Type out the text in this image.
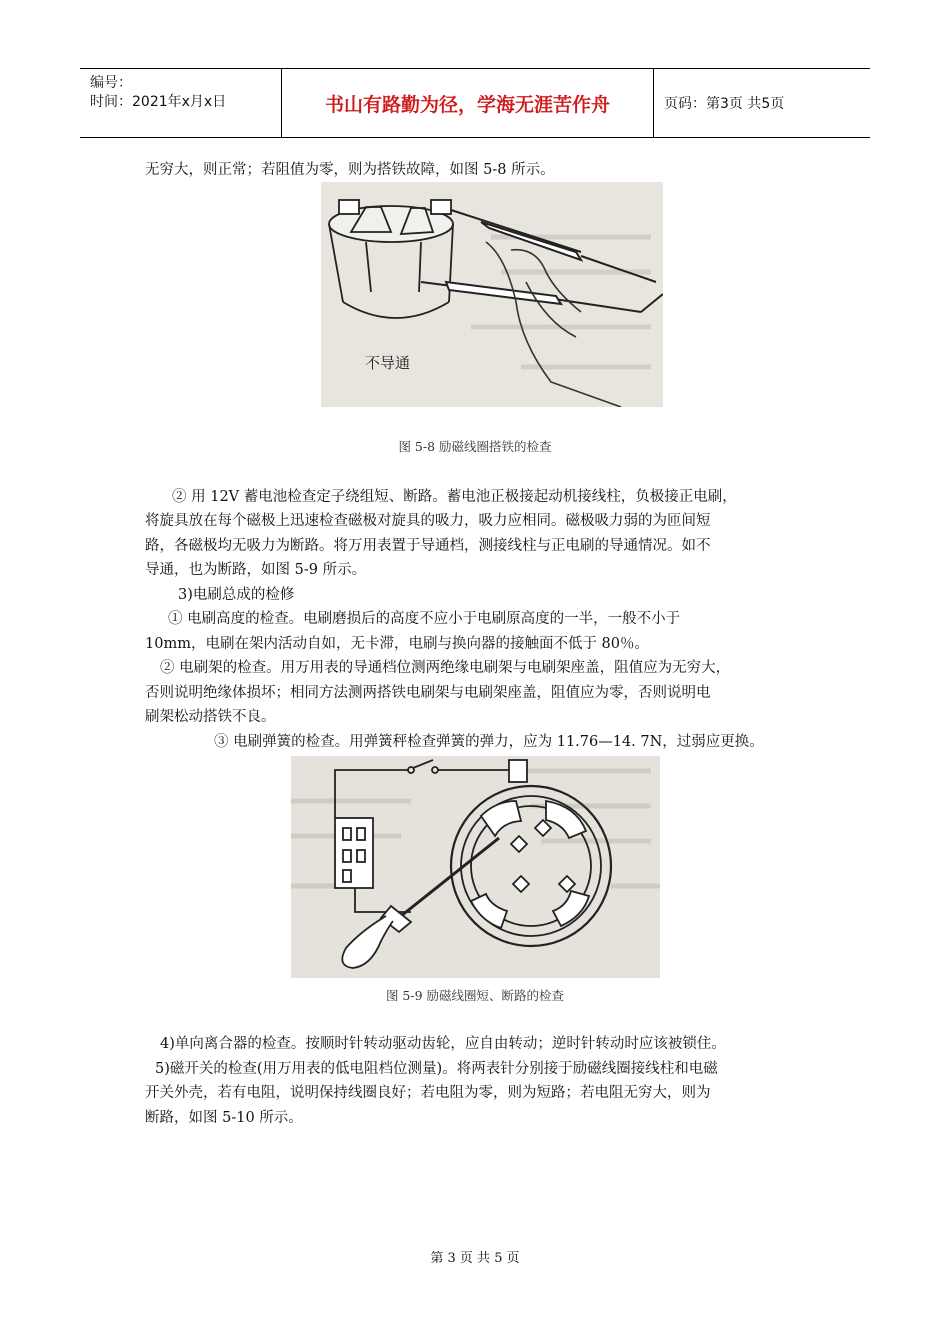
编号：
时间：2021年x月x日	书山有路勤为径，学海无涯苦作舟	页码：第3页 共5页
无穷大，则正常；若阻值为零，则为搭铁故障，如图 5-8 所示。
不导通
图 5-8 励磁线圈搭铁的检查
② 用 12V 蓄电池检查定子绕组短、断路。蓄电池正极接起动机接线柱，负极接正电刷，
将旋具放在每个磁极上迅速检查磁极对旋具的吸力，吸力应相同。磁极吸力弱的为匝间短
路，各磁极均无吸力为断路。将万用表置于导通档，测接线柱与正电刷的导通情况。如不
导通，也为断路，如图 5-9 所示。
3)电刷总成的检修
① 电刷高度的检查。电刷磨损后的高度不应小于电刷原高度的一半，一般不小于
10mm，电刷在架内活动自如，无卡滞，电刷与换向器的接触面不低于 80％。
② 电刷架的检查。用万用表的导通档位测两绝缘电刷架与电刷架座盖，阻值应为无穷大，
否则说明绝缘体损坏；相同方法测两搭铁电刷架与电刷架座盖，阻值应为零，否则说明电
刷架松动搭铁不良。
③ 电刷弹簧的检查。用弹簧秤检查弹簧的弹力，应为 11.76—14. 7N，过弱应更换。
图 5-9 励磁线圈短、断路的检查
4)单向离合器的检查。按顺时针转动驱动齿轮，应自由转动；逆时针转动时应该被锁住。
5)磁开关的检查(用万用表的低电阻档位测量)。将两表针分别接于励磁线圈接线柱和电磁
开关外壳，若有电阻，说明保持线圈良好；若电阻为零，则为短路；若电阻无穷大，则为
断路，如图 5-10 所示。
第 3 页 共 5 页
